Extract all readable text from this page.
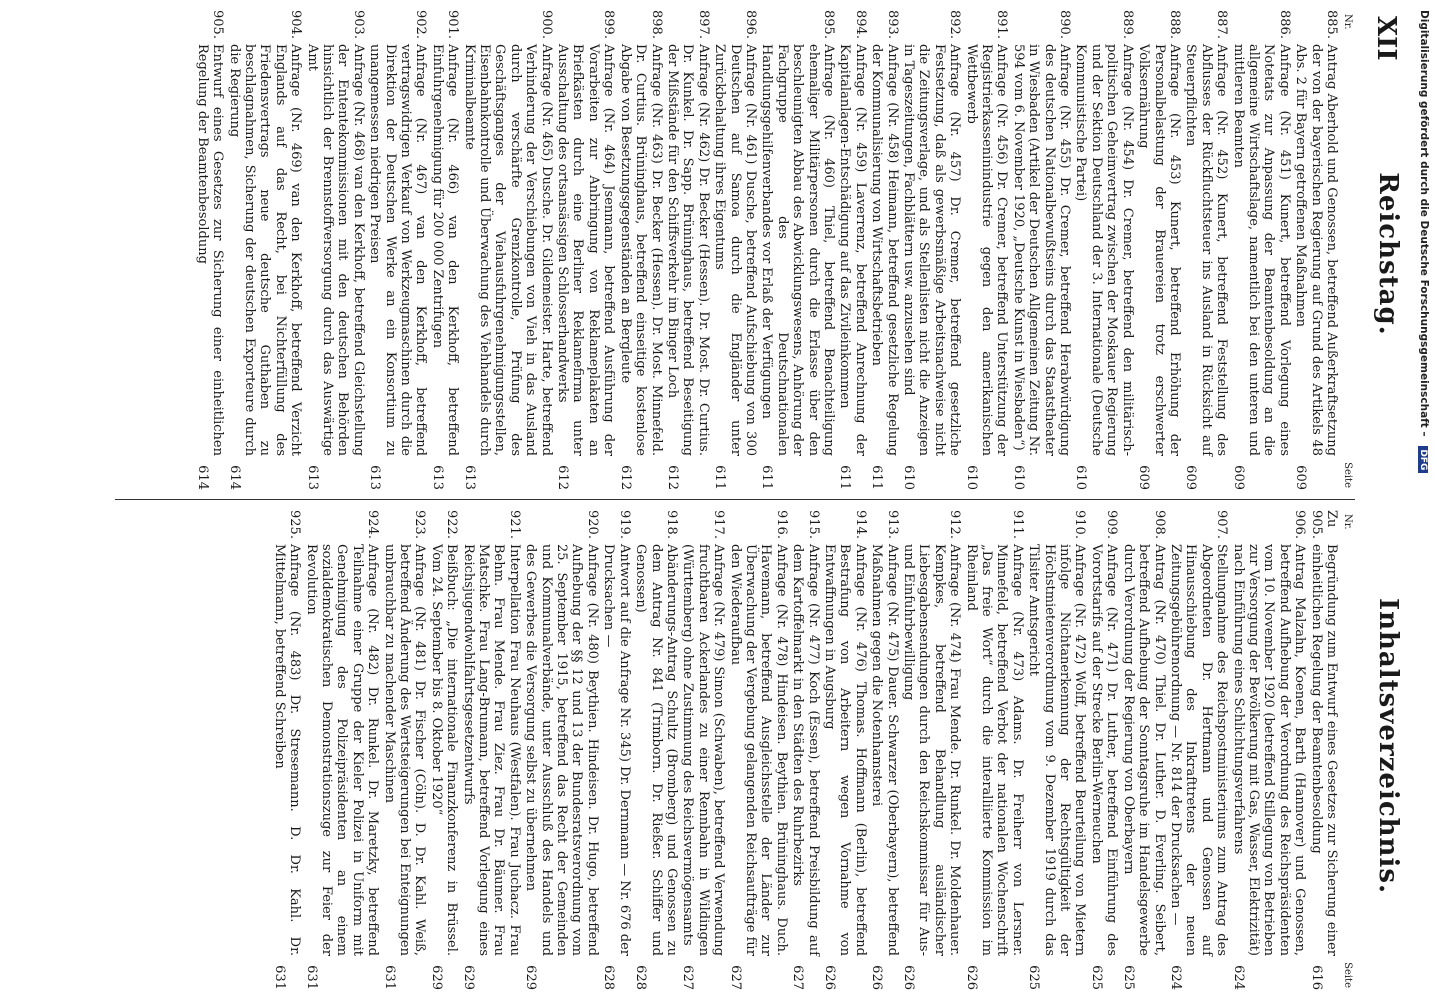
XII
Reichstag.
Inhaltsverzeichnis.
Nr.
Seite
885.
Antrag Aberhold und Genossen, betreffend Außerkraftsetzung der von der bayerischen Regierung auf Grund des Artikels 48 Abs. 2 für Bayern getroffenen Maßnahmen
609
886.
Anfrage (Nr. 451) Kunert, betreffend Vorlegung eines Notetats zur Anpassung der Beamtenbesoldung an die allgemeine Wirtschaftslage, namentlich bei den unteren und mittleren Beamten
609
887.
Anfrage (Nr. 452) Kunert, betreffend Feststellung des Abflusses der Rückfluchtsteuer ins Ausland in Rücksicht auf Steuerpflichten
609
888.
Anfrage (Nr. 453) Kunert, betreffend Erhöhung der Personalbelastung der Brauereien trotz erschwerter Volksernährung
609
889.
Anfrage (Nr. 454) Dr. Cremer, betreffend den militärisch-politischen Geheimvertrag zwischen der Moskauer Regierung und der Sektion Deutschland der 3. Internationale (Deutsche Kommunistische Partei)
610
890.
Anfrage (Nr. 455) Dr. Cremer, betreffend Herabwürdigung des deutschen Nationalbewußtseins durch das Staatstheater in Wiesbaden (Artikel der Deutschen Allgemeinen Zeitung Nr. 594 vom 6. November 1920, „Deutsche Kunst in Wiesbaden“)
610
891.
Anfrage (Nr. 456) Dr. Cremer, betreffend Unterstützung der Registrierkasseninindustrie gegen den amerikanischen Wettbewerb
610
892.
Anfrage (Nr. 457) Dr. Cremer, betreffend gesetzliche Festsetzung, daß als gewerbsmäßige Arbeitsnachweise nicht die Zeitungsverlage, und als Stellenlisten nicht die Anzeigen in Tageszeitungen, Fachblättern usw. anzusehen sind
610
893.
Anfrage (Nr. 458) Heimann, betreffend gesetzliche Regelung der Kommunalisierung von Wirtschaftsbetrieben
611
894.
Anfrage (Nr. 459) Laverrenz, betreffend Anrechnung der Kapitalanlagen-Entschädigung auf das Zivileinkommen
611
895.
Anfrage (Nr. 460) Thiel, betreffend Benachteiligung ehemaliger Militärpersonen durch die Erlasse über den beschleunigten Abbau des Abwicklungswesens, Anhörung der Fachgruppe des Deutschnationalen Handlungsgehilfenverbandes vor Erlaß der Verfügungen
611
896.
Anfrage (Nr. 461) Dusche, betreffend Aufschiebung von 300 Deutschen auf Samoa durch die Engländer unter Zurückbehaltung ihres Eigentums
611
897.
Anfrage (Nr. 462) Dr. Becker (Hessen). Dr. Most. Dr. Curtius. Dr. Kunkel. Dr. Sapp. Brüninghaus, betreffend Beseitigung der Mißstände für den Schiffsverkehr im Binger Loch
612
898.
Anfrage (Nr. 463) Dr. Becker (Hessen). Dr. Most. Minnefeld. Dr. Curtius. Brüninghaus, betreffend einseitige kostenlose Abgabe von Besetzungsgegenständen an Bergleute
612
899.
Anfrage (Nr. 464) Jsenmann, betreffend Ausführung der Vorarbeiten zur Anbringung von Reklameplakaten an Briefkästen durch eine Berliner Reklamefirma unter Ausschaltung des ortsansässigen Schlosserhandwerks
612
900.
Anfrage (Nr. 465) Dusche. Dr. Gildemeister. Harte, betreffend Verhinderung der Verschiebungen von Vieh in das Ausland durch verschärfte Grenzkontrolle, Prüfung des Geschäftsganges der Viehausfuhrgenehmigungsstellen, Eisenbahnkontrolle und Überwachung des Viehhandels durch Kriminalbeamte
613
901.
Anfrage (Nr. 466) van den Kerkhoff, betreffend Einfuhrgenehmigung für 200 000 Zentrifugen
613
902.
Anfrage (Nr. 467) van den Kerkhoff, betreffend vertragswidrigen Verkauf von Werkzeugmaschinen durch die Direktion der Deutschen Werke an ein Konsortium zu unangemessen niedrigen Preisen
613
903.
Anfrage (Nr. 468) van den Kerkhoff, betreffend Gleichstellung der Ententekommissionen mit den deutschen Behörden hinsichtlich der Brennstoffversorgung durch das Auswärtige Amt
613
904.
Anfrage (Nr. 469) van den Kerkhoff, betreffend Verzicht Englands auf das Recht, bei Nichterfüllung des Friedensvertrags neue deutsche Guthaben zu beschlagnahmen, Sicherung der deutschen Exporteure durch die Regierung
614
905.
Entwurf eines Gesetzes zur Sicherung einer einheitlichen Regelung der Beamtenbesoldung
614
Nr.
Seite
Zu 905.
Begründung zum Entwurf eines Gesetzes zur Sicherung einer einheitlichen Regelung der Beamtenbesoldung
616
906.
Antrag Malzahn, Koenen, Barth (Hannover) und Genossen, betreffend Aufhebung der Verordnung des Reichspräsidenten vom 10. November 1920 (betreffend Stillegung von Betrieben zur Versorgung der Bevölkerung mit Gas, Wasser, Elektrizität) nach Einführung eines Schlichtungsverfahrens
624
907.
Stellungnahme des Reichspostministeriums zum Antrag des Abgeordneten Dr. Hertmann und Genossen auf Hinausschiebung des Inkrafttretens der neuen Zeitungsgebührenordnung — Nr. 814 der Drucksachen —
624
908.
Antrag (Nr. 470) Thiel. Dr. Luther. D. Everling. Seibert, betreffend Aufhebung der Sonntagsruhe im Handelsgewerbe durch Verordnung der Regierung von Oberbayern
625
909.
Anfrage (Nr. 471) Dr. Luther, betreffend Einführung des Vorortstarifs auf der Strecke Berlin-Werneuchen
625
910.
Anfrage (Nr. 472) Wolff, betreffend Beurteilung von Mietern infolge Nichtanerkennung der Rechtsgültigkeit der Höchstmietenverordnung vom 9. Dezember 1919 durch das Tilsiter Amtsgericht
625
911.
Anfrage (Nr. 473) Adams. Dr. Freiherr von Lersner. Minnefeld, betreffend Verbot der nationalen Wochenschrift „Das freie Wort“ durch die interalliierte Kommission im Rheinland
626
912.
Anfrage (Nr. 474) Frau Mende. Dr. Runkel. Dr. Moldenhauer. Kempkes, betreffend Behandlung ausländischer Liebesgabensendungen durch den Reichskommissar für Aus- und Einfuhrbewilligung
626
913.
Anfrage (Nr. 475) Dauer. Schwarzer (Oberbayern), betreffend Maßnahmen gegen die Notenhamsterei
626
914.
Anfrage (Nr. 476) Thomas. Hoffmann (Berlin), betreffend Bestrafung von Arbeitern wegen Vornahme von Entwaffnungen in Augsburg
626
915.
Anfrage (Nr. 477) Koch (Essen), betreffend Preisbildung auf dem Kartoffelmarkt in den Städten des Ruhrbezirks
627
916.
Anfrage (Nr. 478) Hindeisen. Beythien. Brüninghaus. Duch. Havemann, betreffend Ausgleichsstelle der Länder zur Überwachung der Vergebung gelangenden Reichsaufträge für den Wiederaufbau
627
917.
Anfrage (Nr. 479) Simon (Schwaben), betreffend Verwendung fruchtbaren Ackerlandes zu einer Rennbahn in Wildingen (Württemberg) ohne Zustimmung des Reichsvermögensamts
627
918.
Abänderungs-Antrag Schultz (Bromberg) und Genossen zu dem Antrag Nr. 841 (Trimborn. Dr. Rießer. Schiffer und Genossen)
628
919.
Antwort auf die Anfrage Nr. 345) Dr. Dernmann — Nr. 676 der Drucksachen —
628
920.
Anfrage (Nr. 480) Beythien. Hindeisen. Dr. Hugo, betreffend Aufhebung der §§ 12 und 13 der Bundesratsverordnung vom 25. September 1915, betreffend das Recht der Gemeinden und Kommunalverbände, unter Ausschluß des Handels und des Gewerbes die Versorgung selbst zu übernehmen
629
921.
Interpellation Frau Neuhaus (Westfalen). Frau Juchacz. Frau Behm. Frau Mende. Frau Ziez. Frau Dr. Bäumer. Frau Matschke. Frau Lang-Brumann, betreffend Vorlegung eines Reichsjugendwohlfahrtsgesetzentwurfs
629
922.
Beißbuch: „Die internationale Finanzkonferenz in Brüssel. Vom 24. September bis 8. Oktober 1920“
629
923.
Anfrage (Nr. 481) Dr. Fischer (Cöln). D. Dr. Kahl. Weiß, betreffend Änderung des Wertsteigerungen bei Enteignungen unbrauchbar zu machender Maschinen
631
924.
Anfrage (Nr. 482) Dr. Runkel. Dr. Maretzky, betreffend Teilnahme einer Gruppe der Kieler Polizei in Uniform mit Genehmigung des Polizeipräsidenten an einem sozialdemokratischen Demonstrationszuge zur Feier der Revolution
631
925.
Anfrage (Nr. 483) Dr. Stresemann. D. Dr. Kahl. Dr. Mittelmann, betreffend Schreiben
631
Digitalisierung gefördert durch die Deutsche Forschungsgemeinschaft – DFG
